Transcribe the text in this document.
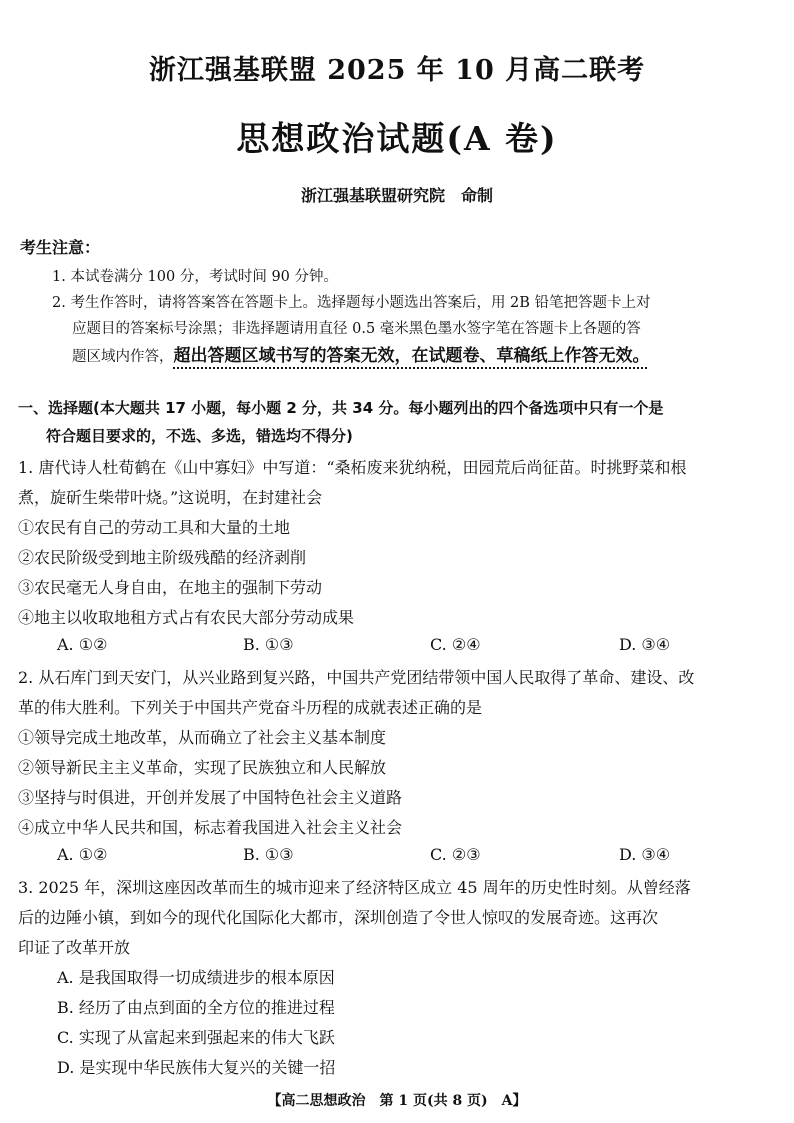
浙江强基联盟 2025 年 10 月高二联考
思想政治试题(A 卷)
浙江强基联盟研究院　命制
考生注意：
1. 本试卷满分 100 分，考试时间 90 分钟。
2. 考生作答时，请将答案答在答题卡上。选择题每小题选出答案后，用 2B 铅笔把答题卡上对
应题目的答案标号涂黑；非选择题请用直径 0.5 毫米黑色墨水签字笔在答题卡上各题的答
题区域内作答，超出答题区域书写的答案无效，在试题卷、草稿纸上作答无效。
一、选择题(本大题共 17 小题，每小题 2 分，共 34 分。每小题列出的四个备选项中只有一个是
符合题目要求的，不选、多选，错选均不得分)
1. 唐代诗人杜荀鹤在《山中寡妇》中写道：“桑柘废来犹纳税，田园荒后尚征苗。时挑野菜和根
煮，旋斫生柴带叶烧。”这说明，在封建社会
①农民有自己的劳动工具和大量的土地
②农民阶级受到地主阶级残酷的经济剥削
③农民毫无人身自由，在地主的强制下劳动
④地主以收取地租方式占有农民大部分劳动成果
A. ①②	B. ①③	C. ②④	D. ③④
2. 从石库门到天安门，从兴业路到复兴路，中国共产党团结带领中国人民取得了革命、建设、改
革的伟大胜利。下列关于中国共产党奋斗历程的成就表述正确的是
①领导完成土地改革，从而确立了社会主义基本制度
②领导新民主主义革命，实现了民族独立和人民解放
③坚持与时俱进，开创并发展了中国特色社会主义道路
④成立中华人民共和国，标志着我国进入社会主义社会
A. ①②	B. ①③	C. ②③	D. ③④
3. 2025 年，深圳这座因改革而生的城市迎来了经济特区成立 45 周年的历史性时刻。从曾经落
后的边陲小镇，到如今的现代化国际化大都市，深圳创造了令世人惊叹的发展奇迹。这再次
印证了改革开放
A. 是我国取得一切成绩进步的根本原因
B. 经历了由点到面的全方位的推进过程
C. 实现了从富起来到强起来的伟大飞跃
D. 是实现中华民族伟大复兴的关键一招
【高二思想政治　第 1 页(共 8 页)　A】
